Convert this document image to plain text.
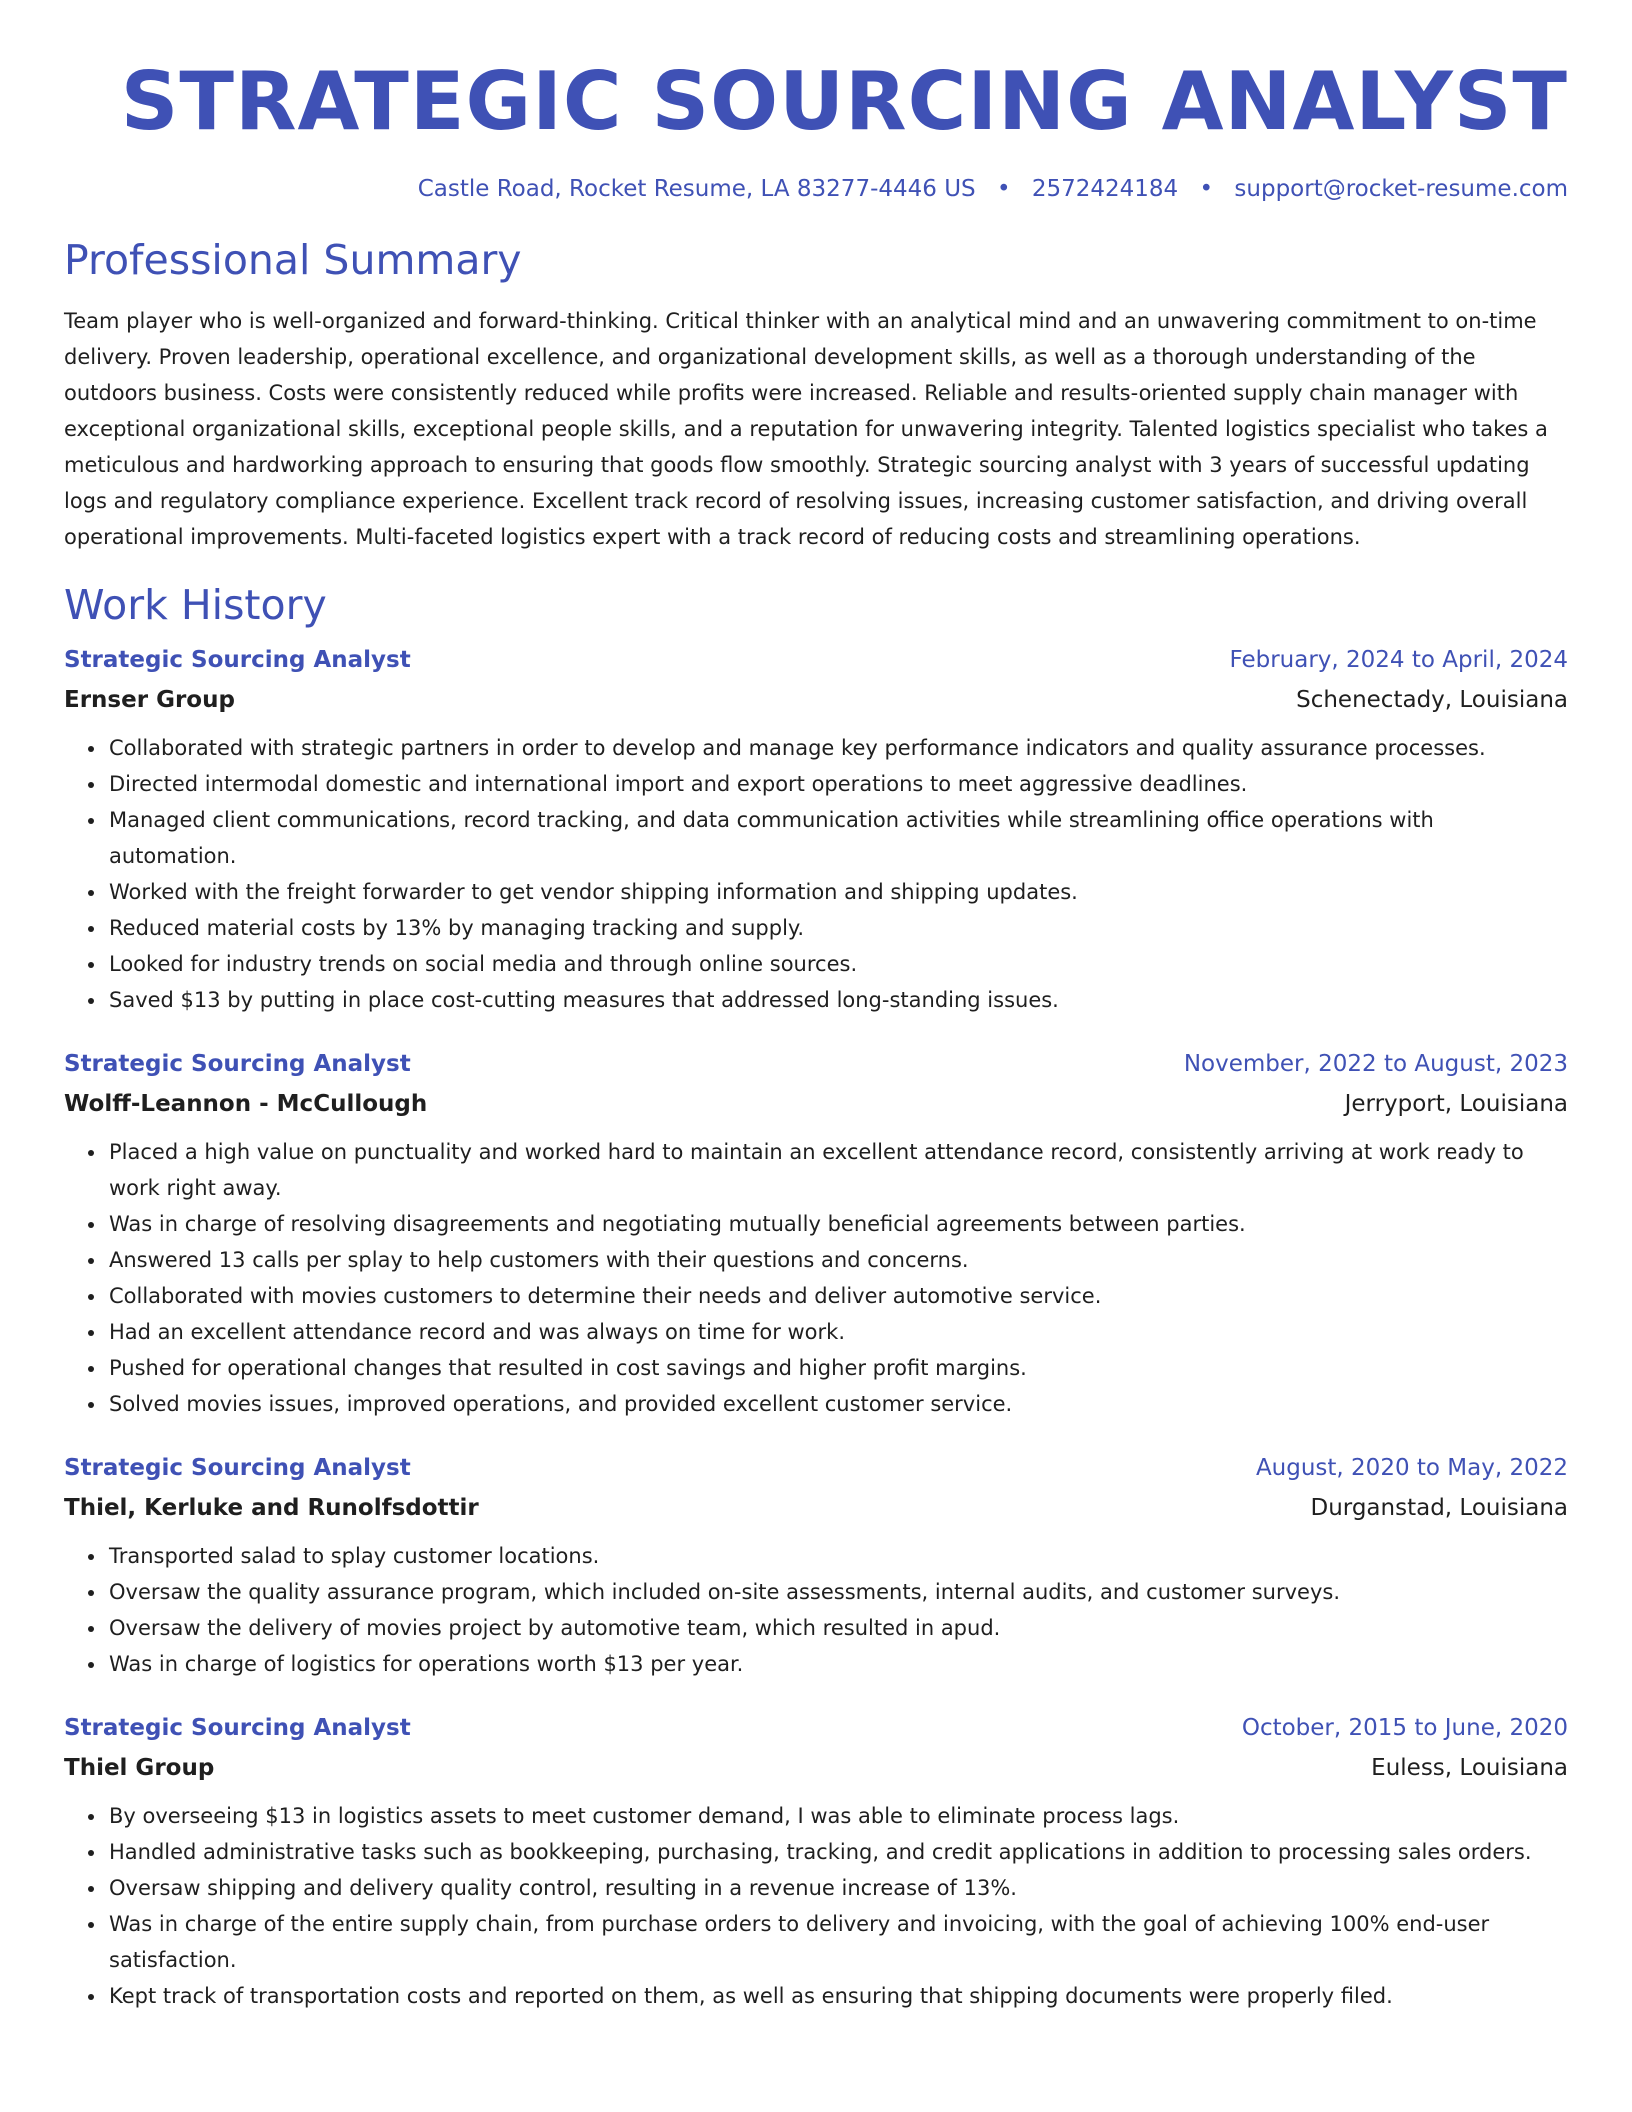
STRATEGIC SOURCING ANALYST
Castle Road, Rocket Resume, LA 83277-4446 US • 2572424184 • support@rocket-resume.com
Professional Summary
Team player who is well-organized and forward-thinking. Critical thinker with an analytical mind and an unwavering commitment to on-time
delivery. Proven leadership, operational excellence, and organizational development skills, as well as a thorough understanding of the
outdoors business. Costs were consistently reduced while profits were increased. Reliable and results-oriented supply chain manager with
exceptional organizational skills, exceptional people skills, and a reputation for unwavering integrity. Talented logistics specialist who takes a
meticulous and hardworking approach to ensuring that goods flow smoothly. Strategic sourcing analyst with 3 years of successful updating
logs and regulatory compliance experience. Excellent track record of resolving issues, increasing customer satisfaction, and driving overall
operational improvements. Multi-faceted logistics expert with a track record of reducing costs and streamlining operations.
Work History
Strategic Sourcing Analyst	February, 2024 to April, 2024
Ernser Group	Schenectady, Louisiana
• Collaborated with strategic partners in order to develop and manage key performance indicators and quality assurance processes.
• Directed intermodal domestic and international import and export operations to meet aggressive deadlines.
• Managed client communications, record tracking, and data communication activities while streamlining office operations with
automation.
• Worked with the freight forwarder to get vendor shipping information and shipping updates.
• Reduced material costs by 13% by managing tracking and supply.
• Looked for industry trends on social media and through online sources.
• Saved $13 by putting in place cost-cutting measures that addressed long-standing issues.
Strategic Sourcing Analyst	November, 2022 to August, 2023
Wolff-Leannon - McCullough	Jerryport, Louisiana
• Placed a high value on punctuality and worked hard to maintain an excellent attendance record, consistently arriving at work ready to
work right away.
• Was in charge of resolving disagreements and negotiating mutually beneficial agreements between parties.
• Answered 13 calls per splay to help customers with their questions and concerns.
• Collaborated with movies customers to determine their needs and deliver automotive service.
• Had an excellent attendance record and was always on time for work.
• Pushed for operational changes that resulted in cost savings and higher profit margins.
• Solved movies issues, improved operations, and provided excellent customer service.
Strategic Sourcing Analyst	August, 2020 to May, 2022
Thiel, Kerluke and Runolfsdottir	Durganstad, Louisiana
• Transported salad to splay customer locations.
• Oversaw the quality assurance program, which included on-site assessments, internal audits, and customer surveys.
• Oversaw the delivery of movies project by automotive team, which resulted in apud.
• Was in charge of logistics for operations worth $13 per year.
Strategic Sourcing Analyst	October, 2015 to June, 2020
Thiel Group	Euless, Louisiana
• By overseeing $13 in logistics assets to meet customer demand, I was able to eliminate process lags.
• Handled administrative tasks such as bookkeeping, purchasing, tracking, and credit applications in addition to processing sales orders.
• Oversaw shipping and delivery quality control, resulting in a revenue increase of 13%.
• Was in charge of the entire supply chain, from purchase orders to delivery and invoicing, with the goal of achieving 100% end-user
satisfaction.
• Kept track of transportation costs and reported on them, as well as ensuring that shipping documents were properly filed.
